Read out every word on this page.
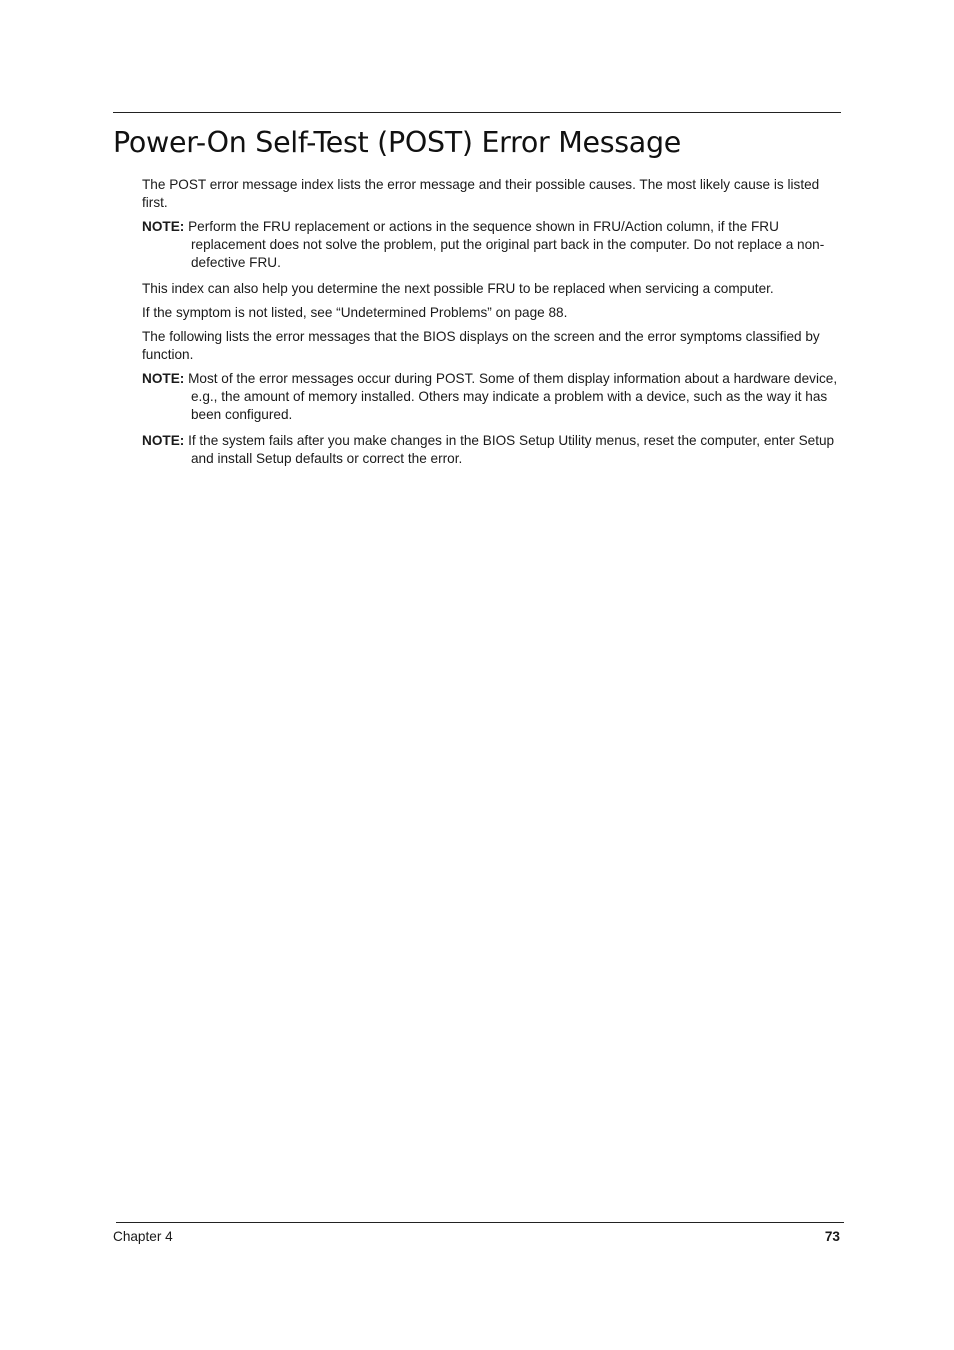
Power-On Self-Test (POST) Error Message

The POST error message index lists the error message and their possible causes. The most likely cause is listed first.

NOTE: Perform the FRU replacement or actions in the sequence shown in FRU/Action column, if the FRU replacement does not solve the problem, put the original part back in the computer. Do not replace a non-defective FRU.

This index can also help you determine the next possible FRU to be replaced when servicing a computer.

If the symptom is not listed, see “Undetermined Problems” on page 88.

The following lists the error messages that the BIOS displays on the screen and the error symptoms classified by function.

NOTE: Most of the error messages occur during POST. Some of them display information about a hardware device, e.g., the amount of memory installed. Others may indicate a problem with a device, such as the way it has been configured.

NOTE: If the system fails after you make changes in the BIOS Setup Utility menus, reset the computer, enter Setup and install Setup defaults or correct the error.

Chapter 4	73
